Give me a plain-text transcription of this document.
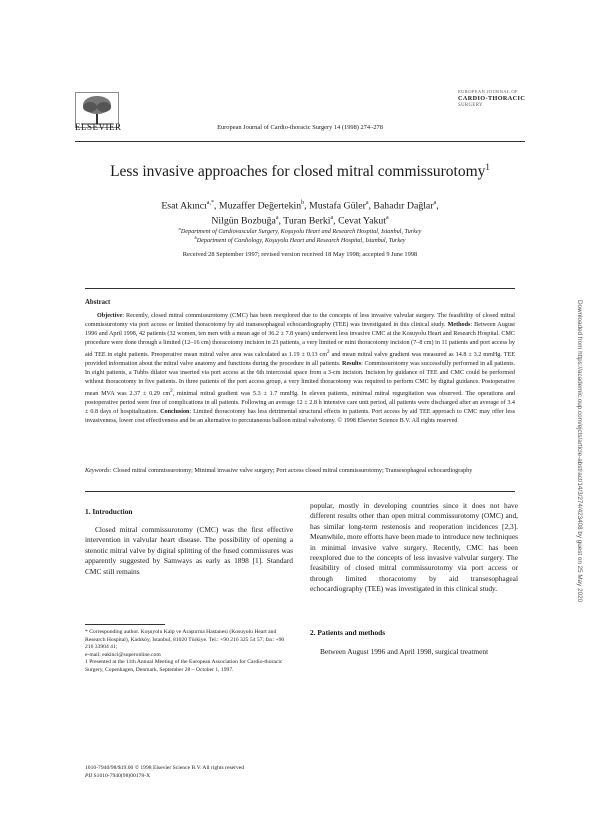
ELSEVIER	European Journal of Cardio-thoracic Surgery 14 (1998) 274–278
EUROPEAN JOURNAL OF
CARDIO-THORACIC
SURGERY
Less invasive approaches for closed mitral commissurotomy$^1$
Esat Akıncı$^{a,*}$, Muzaffer Değertekin$^b$, Mustafa Güler$^a$, Bahadır Dağlar$^a$,
Nilgün Bozbuğa$^a$, Turan Berki$^a$, Cevat Yakut$^a$
$^a$Department of Cardiovascular Surgery, Koşuyolu Heart and Research Hospital, Istanbul, Turkey
$^b$Department of Cardiology, Koşuyolu Heart and Research Hospital, Istanbul, Turkey
Received 28 September 1997; revised version received 18 May 1998; accepted 9 June 1998
Abstract
Objective: Recently, closed mitral commissurotomy (CMC) has been reexplored due to the concepts of less invasive valvular surgery. The feasibility of closed mitral commissurotomy via port access or limited thoracotomy by aid transesophageal echocardiography (TEE) was investigated in this clinical study. Methods: Between August 1996 and April 1998, 42 patients (32 women, ten men with a mean age of 36.2 ± 7.8 years) underwent less invasive CMC at the Kosuyolu Heart and Research Hospital. CMC procedure were done through a limited (12–16 cm) thoracotomy incision in 23 patients, a very limited or mini thoracotomy incision (7–8 cm) in 11 patients and port access by aid TEE in eight patients. Preoperative mean mitral valve area was calculated as 1.19 ± 0.13 $cm^2$ and mean mitral valve gradient was measured as 14.8 ± 3.2 mmHg. TEE provided information about the mitral valve anatomy and functions during the procedure in all patients. Results: Commissurotomy was successfully performed in all patients. In eight patients, a Tubbs dilator was inserted via port access at the 6th intercostal space from a 3-cm incision. Incision by guidance of TEE and CMC could be performed without thoracotomy in five patients. In three patients of the port access group, a very limited thoracotomy was required to perform CMC by digital guidance. Postoperative mean MVA was 2.37 ± 0.29 $cm^2$, minimal mitral gradient was 5.3 ± 1.7 mmHg. In eleven patients, minimal mitral regurgitation was observed. The operations and postoperative period were free of complications in all patients. Following an average 12 ± 2.8 h intensive care unit period, all patients were discharged after an average of 3.4 ± 0.8 days of hospitalization. Conclusion: Limited thoracotomy has less detrimental structural effects in patients. Port access by aid TEE approach to CMC may offer less invasiveness, lower cost effectiveness and be an alternative to percutaneous balloon mitral valvotomy. © 1998 Elsevier Science B.V. All rights reserved
Keywords: Closed mitral commissurotomy; Minimal invasive valve surgery; Port access closed mitral commissurotomy; Transesophageal echocardiography
1. Introduction
Closed mitral commissurotomy (CMC) was the first effective intervention in valvular heart disease. The possibility of opening a stenotic mitral valve by digital splitting of the fused commissures was apparently suggested by Samways as early as 1898 [1]. Standard CMC still remains
* Corresponding author. Koşuyolu Kalp ve Araştırma Hastanesi (Kosuyolu Heart and Research Hospital), Kadıköy, Istanbul, 81020 Türkiye. Tel.: +90 216 325 54 57; fax: +90 216 33904 41;
e-mail: eakinci@superonline.com
1 Presented at the 11th Annual Meeting of the European Association for Cardio-thoracic Surgery, Copenhagen, Denmark, September 28 – October 1, 1997.
1010-7940/98/$19.00 © 1998 Elsevier Science B.V. All rights reserved
PII S1010-7940(98)00178-X
popular, mostly in developing countries since it does not have different results other than open mitral commissurotomy (OMC) and, has similar long-term restenosis and reoperation incidences [2,3]. Meanwhile, more efforts have been made to introduce new techniques in minimal invasive valve surgery. Recently, CMC has been reexplored due to the concepts of less invasive valvular surgery. The feasibility of closed mitral commissurotomy via port access or through limited thoracotomy by aid transesophageal echocardiography (TEE) was investigated in this clinical study.
2. Patients and methods
Between August 1996 and April 1998, surgical treatment
Downloaded from https://academic.oup.com/ejcts/article-abstract/14/3/274/423408 by guest on 25 May 2020
